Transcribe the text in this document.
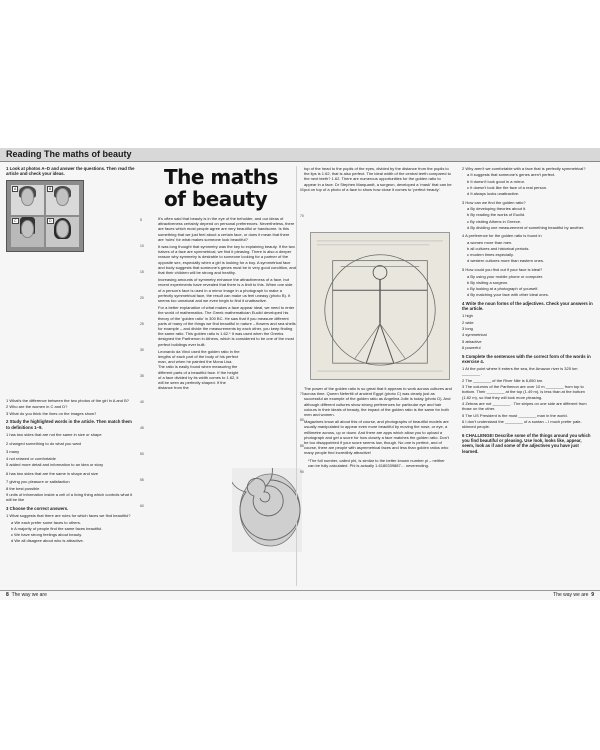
Reading The maths of beauty
1 Look at photos A–D and answer the questions. Then read the article and check your ideas.
A	B
C	D
1 What's the difference between the two photos of the girl in A and B?
2 Who are the women in C and D?
3 What do you think the lines on the images show?
2 Study the highlighted words in the article. Then match them to definitions 1–9.
1 has two sides that are not the same in size or shape
2 changed something to do what you want
3 many
4 not relaxed or comfortable
5 added more detail and information to an idea or story
6 has two sides that are the same in shape and size
7 giving you pleasure or satisfaction
8 the best possible
9 units of information inside a cell of a living thing which controls what it will be like
3 Choose the correct answers.
1 What suggests that there are rules for which faces we find beautiful?
a We each prefer some faces to others.
b A majority of people find the same faces beautiful.
c We have strong feelings about beauty.
d We all disagree about who is attractive.
The maths
of beauty

It's often said that beauty is in the eye of the beholder, and our ideas of attractiveness certainly depend on personal preferences. Nevertheless, there are faces which most people agree are very beautiful or handsome. Is this something that we just feel about a certain face, or does it mean that there are 'rules' for what makes someone look beautiful?

It was long thought that symmetry was the key to explaining beauty. If the two halves of a face are symmetrical, we find it pleasing. There is also a deeper reason why symmetry is desirable to someone looking for a partner of the opposite sex, especially when a girl is looking for a boy. A symmetrical face and body suggests that someone's genes must be in very good condition, and that their children will be strong and healthy.

Increasing amounts of symmetry enhance the attractiveness of a face, but recent experiments have revealed that there is a limit to this. When one side of a person's face is used in a mirror image in a photograph to make a perfectly symmetrical face, the result can make us feel uneasy (photo B). It seems too unnatural and we even begin to find it unattractive.

For a better explanation of what makes a face appear ideal, we need to enter the world of mathematics. The Greek mathematician Euclid developed his theory of the 'golden ratio' in 300 BC. He saw that if you measure different parts of many of the things we find beautiful in nature – flowers and sea shells for example – and divide the measurements by each other, you keep finding the same ratio. This golden ratio is 1.62.* It was used when the Greeks designed the Parthenon in Athens, which is considered to be one of the most perfect buildings ever built.

Leonardo da Vinci used the golden ratio in the lengths of each part of the body of his perfect man, and when he painted the Mona Lisa. The ratio is easily found when measuring the different parts of a beautiful face. If the height of a face divided by its width comes to 1.62, it will be seen as perfectly shaped. If the distance from the

top of the head to the pupils of the eyes, divided by the distance from the pupils to the lips is 1.62, that is also perfect. The ideal width of the central teeth compared to the next teeth? 1.62. There are numerous opportunities for the golden ratio to appear in a face. Dr Stephen Marquardt, a surgeon, developed a 'mask' that can be put on top of a photo of a face to show how close it comes to 'perfect beauty'.

The power of the golden ratio is so great that it appears to work across cultures and across time. Queen Nefertiti of ancient Egypt (photo C) was clearly just as successful an example of the golden ratio as Angelina Jolie is today (photo D). And although different cultures show strong preferences for particular eye and hair colours in their ideals of beauty, the impact of the golden ratio is the same for both men and women.

Magazines know all about this of course, and photographs of beautiful models are usually manipulated to appear even more beautiful by moving the nose, or eye, a millimetre across, up or down. And there are apps which allow you to upload a photograph and get a score for how closely a face matches the golden ratio. Don't be too disappointed if your score seems low, though. No one is perfect, and of course, there are people with asymmetrical faces and less than golden ratios who many people find incredibly attractive!

*The full number, called phi, is similar to the better known number pi – neither can be fully calculated. Phi is actually 1.6180339887… neverending.

5
10
15
20
25
30
35
40
45
50
55
60
65
70
75
80
85
90
2 Why aren't we comfortable with a face that is perfectly symmetrical?
a It suggests that someone's genes aren't perfect.
b It doesn't look good in a mirror.
c It doesn't look like the face of a real person.
d It always looks unattractive.
3 How can we find the golden ratio?
a By developing theories about it.
b By reading the works of Euclid.
c By visiting Athens in Greece.
d By dividing one measurement of something beautiful by another.
4 A preference for the golden ratio is found in
a women more than men.
b all cultures and historical periods.
c modern times especially.
d western cultures more than eastern ones.
5 How could you find out if your face is ideal?
a By using your mobile phone or computer.
b By visiting a surgeon.
c By looking at a photograph of yourself.
d By matching your face with other ideal ones.
4 Write the noun forms of the adjectives. Check your answers in the article.
1 high
2 wide
3 long
4 symmetrical
5 attractive
6 powerful
5 Complete the sentences with the correct form of the words in exercise 4.
1 At the point where it enters the sea, the Amazon river is 325 km ________ .
2 The ________ of the River Nile is 6,650 km.
3 The columns of the Parthenon are over 10 m ________ from top to bottom. Their ________ at the top (1.49 m), is less than at the bottom (1.82 m), so that they will look more pleasing.
4 Zebras are not ________ . The stripes on one side are different from those on the other.
5 The US President is the most ________ man in the world.
6 I don't understand the ________ of a suntan – I much prefer pale-skinned people.
6 CHALLENGE! Describe some of the things around you which you find beautiful or pleasing. Use look, looks like, appear, seem, look as if and some of the adjectives you have just learned.
8 The way we are	The way we are 9
